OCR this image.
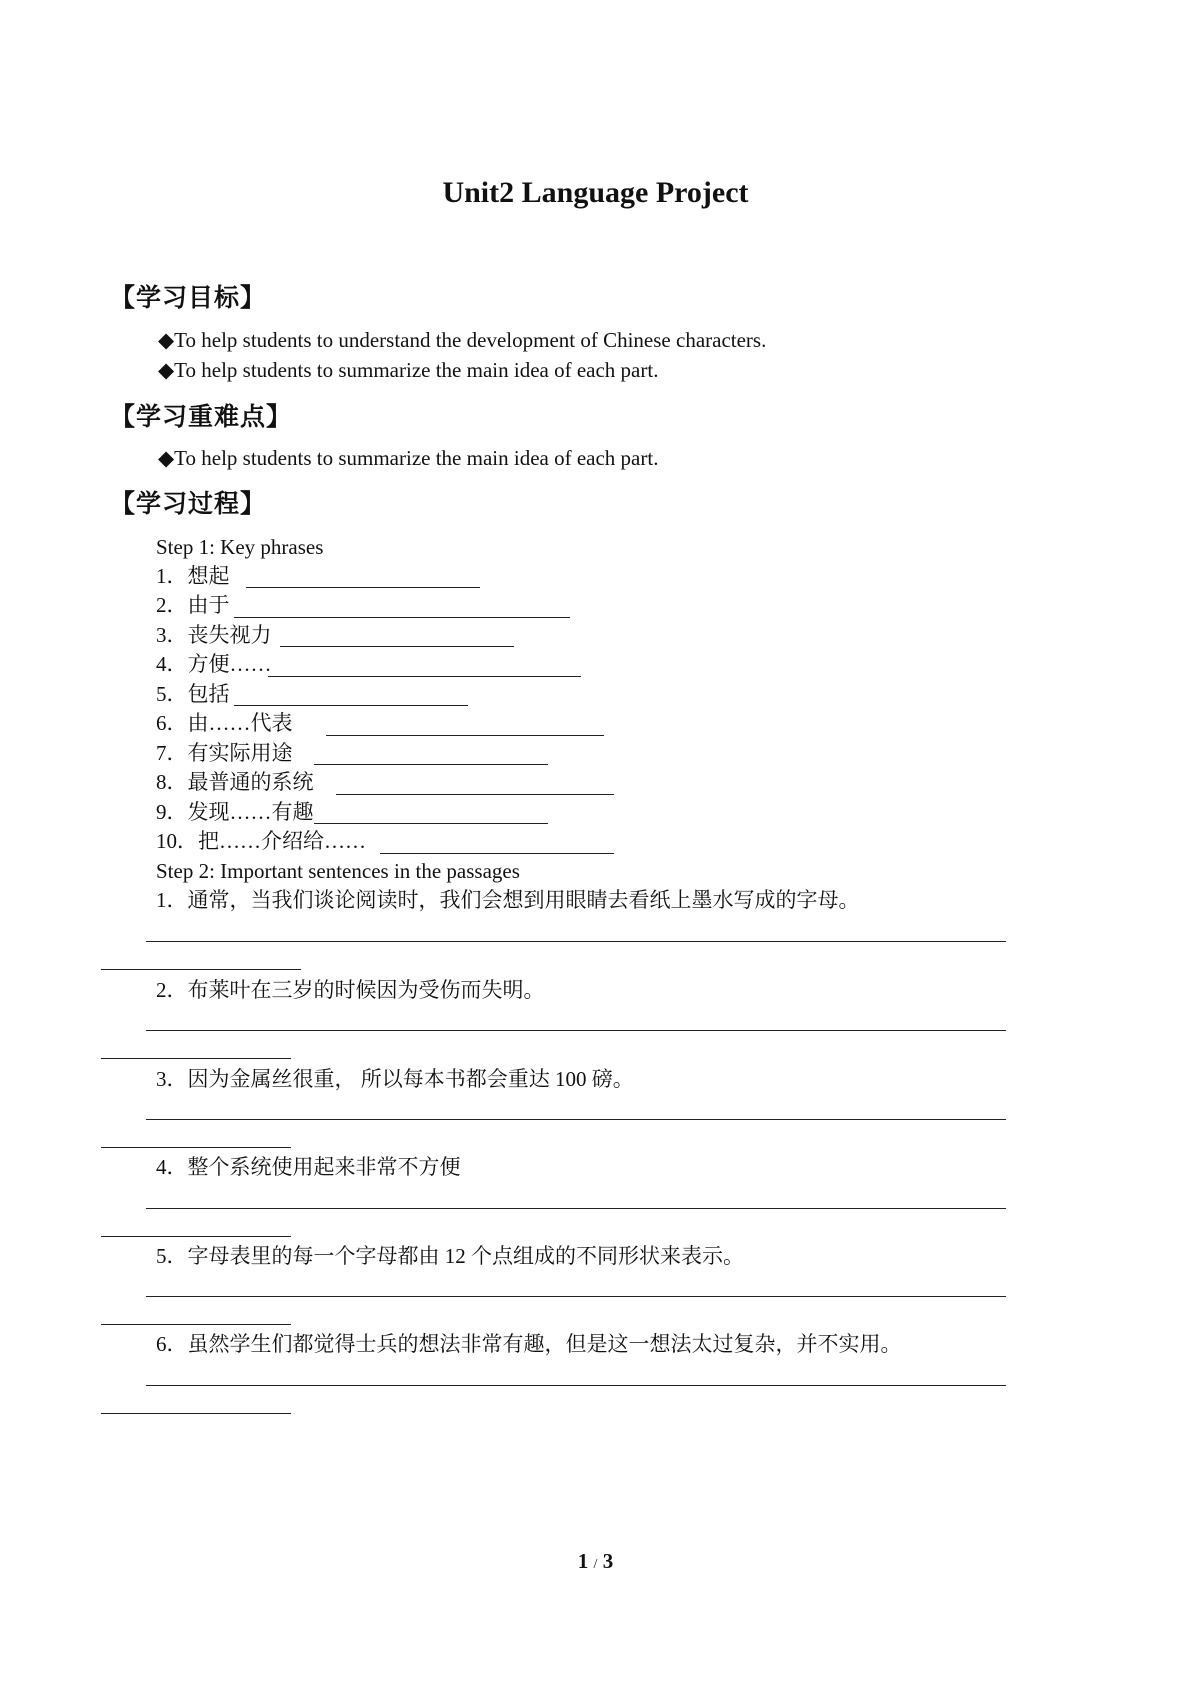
Unit2 Language Project
【学习目标】
◆To help students to understand the development of Chinese characters.
◆To help students to summarize the main idea of each part.
【学习重难点】
◆To help students to summarize the main idea of each part.
【学习过程】
Step 1: Key phrases
1．想起
2．由于
3．丧失视力
4．方便……
5．包括
6．由……代表
7．有实际用途
8．最普通的系统
9．发现……有趣
10．把……介绍给……
Step 2: Important sentences in the passages
1．通常，当我们谈论阅读时，我们会想到用眼睛去看纸上墨水写成的字母。
2．布莱叶在三岁的时候因为受伤而失明。
3．因为金属丝很重， 所以每本书都会重达 100 磅。
4．整个系统使用起来非常不方便
5．字母表里的每一个字母都由 12 个点组成的不同形状来表示。
6．虽然学生们都觉得士兵的想法非常有趣，但是这一想法太过复杂，并不实用。
1 / 3
